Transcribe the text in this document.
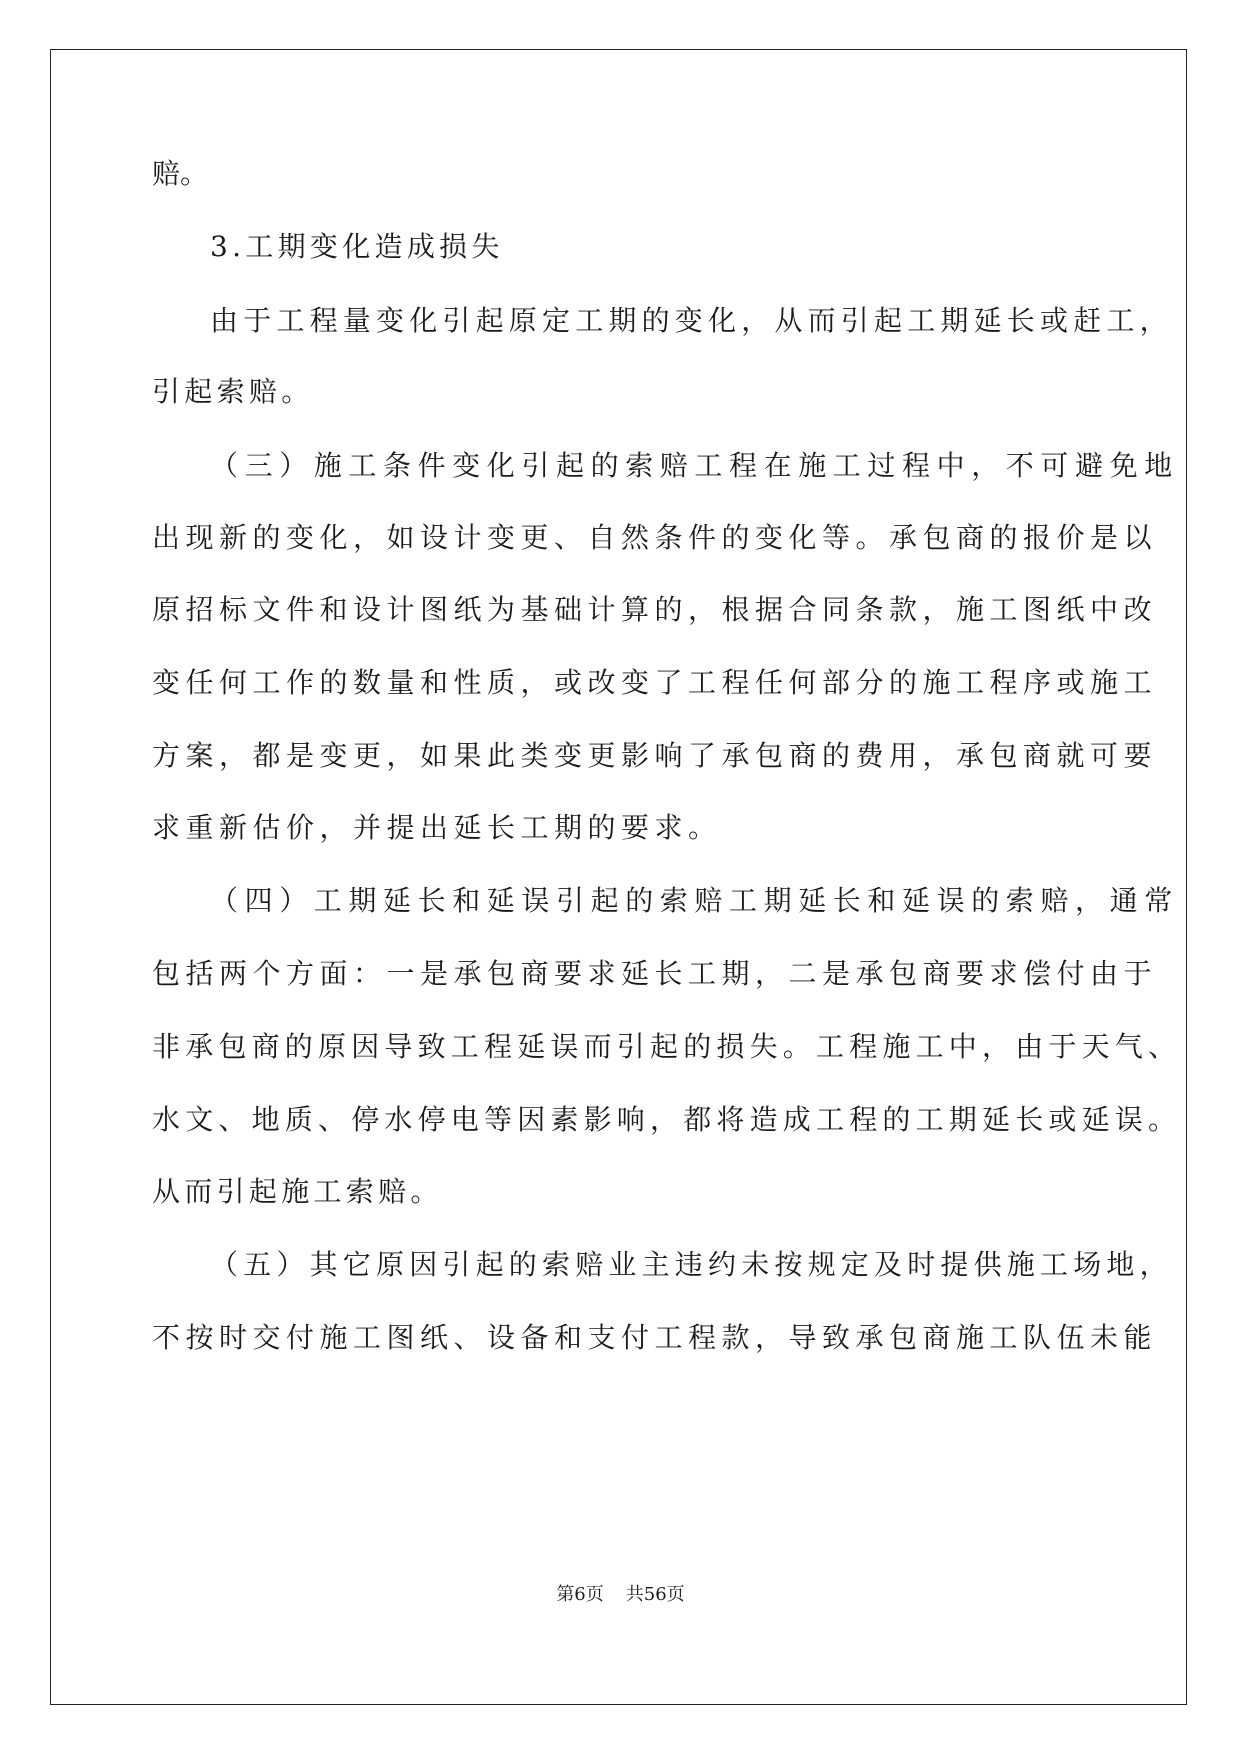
赔。

3.工期变化造成损失

由于工程量变化引起原定工期的变化，从而引起工期延长或赶工，

引起索赔。

（三）施工条件变化引起的索赔工程在施工过程中，不可避免地

出现新的变化，如设计变更、自然条件的变化等。承包商的报价是以

原招标文件和设计图纸为基础计算的，根据合同条款，施工图纸中改

变任何工作的数量和性质，或改变了工程任何部分的施工程序或施工

方案，都是变更，如果此类变更影响了承包商的费用，承包商就可要

求重新估价，并提出延长工期的要求。

（四）工期延长和延误引起的索赔工期延长和延误的索赔，通常

包括两个方面：一是承包商要求延长工期，二是承包商要求偿付由于

非承包商的原因导致工程延误而引起的损失。工程施工中，由于天气、

水文、地质、停水停电等因素影响，都将造成工程的工期延长或延误。

从而引起施工索赔。

（五）其它原因引起的索赔业主违约未按规定及时提供施工场地，

不按时交付施工图纸、设备和支付工程款，导致承包商施工队伍未能

第6页 共56页
